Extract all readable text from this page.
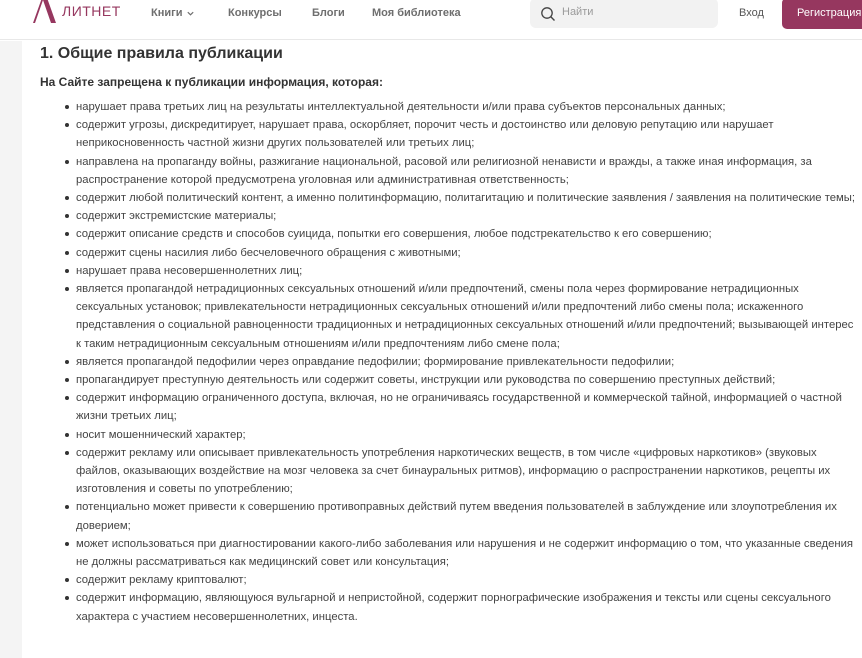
ЛИТНЕТ	Книги	Конкурсы	Блоги Моя библиотека
Найти	Вход	Регистрация
1. Общие правила публикации

На Сайте запрещена к публикации информация, которая:

нарушает права третьих лиц на результаты интеллектуальной деятельности и/или права субъектов персональных данных;
содержит угрозы, дискредитирует, нарушает права, оскорбляет, порочит честь и достоинство или деловую репутацию или нарушает неприкосновенность частной жизни других пользователей или третьих лиц;
направлена на пропаганду войны, разжигание национальной, расовой или религиозной ненависти и вражды, а также иная информация, за распространение которой предусмотрена уголовная или административная ответственность;
содержит любой политический контент, а именно политинформацию, политагитацию и политические заявления / заявления на политические темы;
содержит экстремистские материалы;
содержит описание средств и способов суицида, попытки его совершения, любое подстрекательство к его совершению;
содержит сцены насилия либо бесчеловечного обращения с животными;
нарушает права несовершеннолетних лиц;
является пропагандой нетрадиционных сексуальных отношений и/или предпочтений, смены пола через формирование нетрадиционных сексуальных установок; привлекательности нетрадиционных сексуальных отношений и/или предпочтений либо смены пола; искаженного представления о социальной равноценности традиционных и нетрадиционных сексуальных отношений и/или предпочтений; вызывающей интерес к таким нетрадиционным сексуальным отношениям и/или предпочтениям либо смене пола;
является пропагандой педофилии через оправдание педофилии; формирование привлекательности педофилии;
пропагандирует преступную деятельность или содержит советы, инструкции или руководства по совершению преступных действий;
содержит информацию ограниченного доступа, включая, но не ограничиваясь государственной и коммерческой тайной, информацией о частной жизни третьих лиц;
носит мошеннический характер;
содержит рекламу или описывает привлекательность употребления наркотических веществ, в том числе «цифровых наркотиков» (звуковых файлов, оказывающих воздействие на мозг человека за счет бинауральных ритмов), информацию о распространении наркотиков, рецепты их изготовления и советы по употреблению;
потенциально может привести к совершению противоправных действий путем введения пользователей в заблуждение или злоупотребления их доверием;
может использоваться при диагностировании какого-либо заболевания или нарушения и не содержит информацию о том, что указанные сведения не должны рассматриваться как медицинский совет или консультация;
содержит рекламу криптовалют;
содержит информацию, являющуюся вульгарной и непристойной, содержит порнографические изображения и тексты или сцены сексуального характера с участием несовершеннолетних, инцеста.
